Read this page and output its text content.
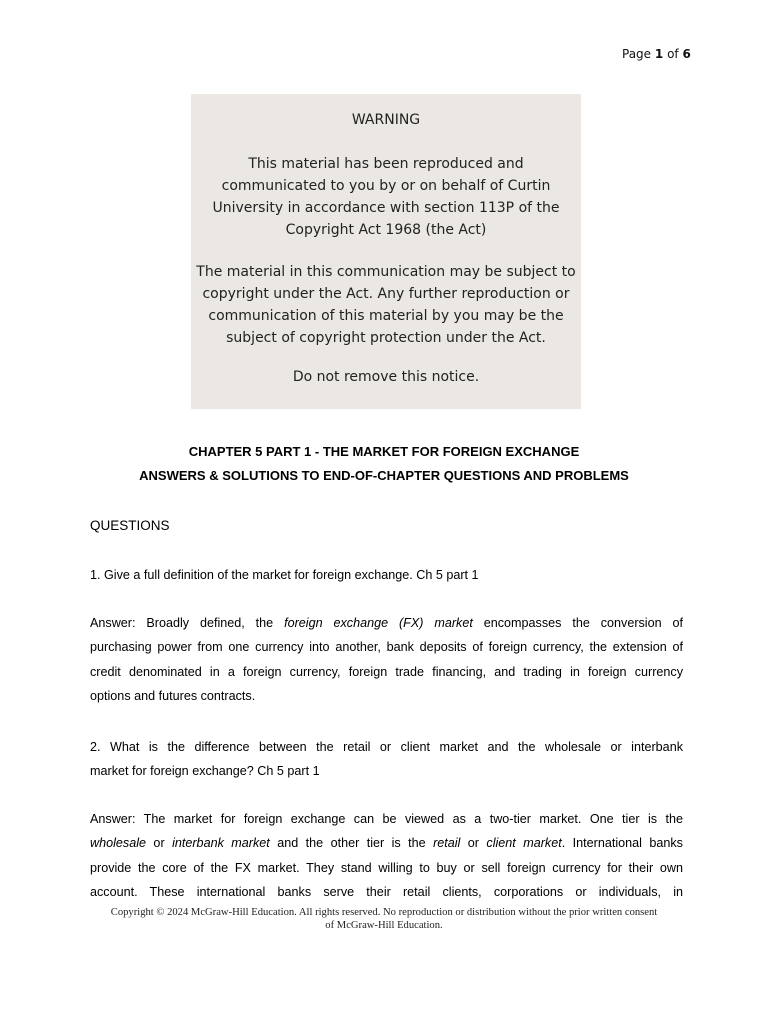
Page 1 of 6
WARNING
This material has been reproduced and
communicated to you by or on behalf of Curtin
University in accordance with section 113P of the
Copyright Act 1968 (the Act)
The material in this communication may be subject to
copyright under the Act. Any further reproduction or
communication of this material by you may be the
subject of copyright protection under the Act.
Do not remove this notice.
CHAPTER 5 PART 1 - THE MARKET FOR FOREIGN EXCHANGE
ANSWERS & SOLUTIONS TO END-OF-CHAPTER QUESTIONS AND PROBLEMS
QUESTIONS
1. Give a full definition of the market for foreign exchange. Ch 5 part 1
Answer: Broadly defined, the foreign exchange (FX) market encompasses the conversion of
purchasing power from one currency into another, bank deposits of foreign currency, the extension of
credit denominated in a foreign currency, foreign trade financing, and trading in foreign currency
options and futures contracts.
2. What is the difference between the retail or client market and the wholesale or interbank
market for foreign exchange? Ch 5 part 1
Answer: The market for foreign exchange can be viewed as a two-tier market. One tier is the
wholesale or interbank market and the other tier is the retail or client market. International banks
provide the core of the FX market. They stand willing to buy or sell foreign currency for their own
account. These international banks serve their retail clients, corporations or individuals, in
Copyright © 2024 McGraw-Hill Education. All rights reserved. No reproduction or distribution without the prior written consent
of McGraw-Hill Education.
